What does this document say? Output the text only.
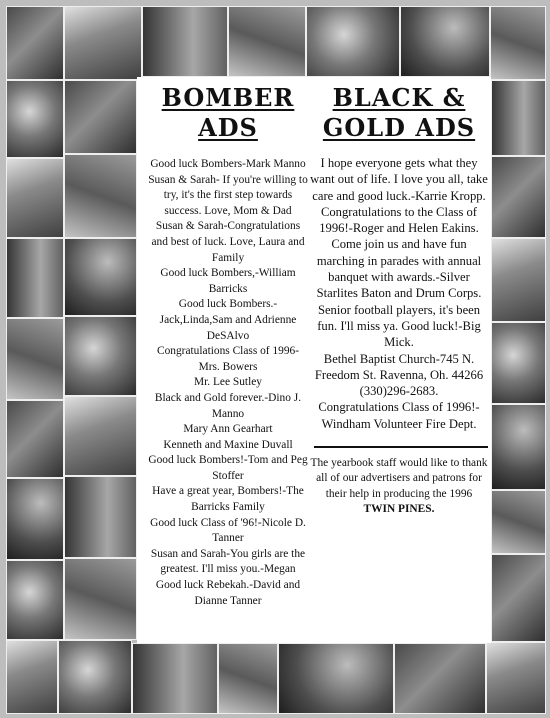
BOMBER
ADS
Good luck Bombers-Mark Manno
Susan & Sarah- If you're willing to try, it's the first step towards success. Love, Mom & Dad
Susan & Sarah-Congratulations and best of luck. Love, Laura and Family
Good luck Bombers,-William Barricks
Good luck Bombers.-Jack,Linda,Sam and Adrienne DeSAlvo
Congratulations Class of 1996-Mrs. Bowers
Mr. Lee Sutley
Black and Gold forever.-Dino J. Manno
Mary Ann Gearhart
Kenneth and Maxine Duvall
Good luck Bombers!-Tom and Peg Stoffer
Have a great year, Bombers!-The Barricks Family
Good luck Class of '96!-Nicole D. Tanner
Susan and Sarah-You girls are the greatest. I'll miss you.-Megan
Good luck Rebekah.-David and Dianne Tanner
BLACK &
GOLD ADS
I hope everyone gets what they want out of life. I love you all, take care and good luck.-Karrie Kropp.
Congratulations to the Class of 1996!-Roger and Helen Eakins.
Come join us and have fun marching in parades with annual banquet with awards.-Silver Starlites Baton and Drum Corps.
Senior football players, it's been fun. I'll miss ya. Good luck!-Big Mick.
Bethel Baptist Church-745 N. Freedom St. Ravenna, Oh. 44266 (330)296-2683.
Congratulations Class of 1996!-Windham Volunteer Fire Dept.
The yearbook staff would like to thank all of our advertisers and patrons for their help in producing the 1996 TWIN PINES.
